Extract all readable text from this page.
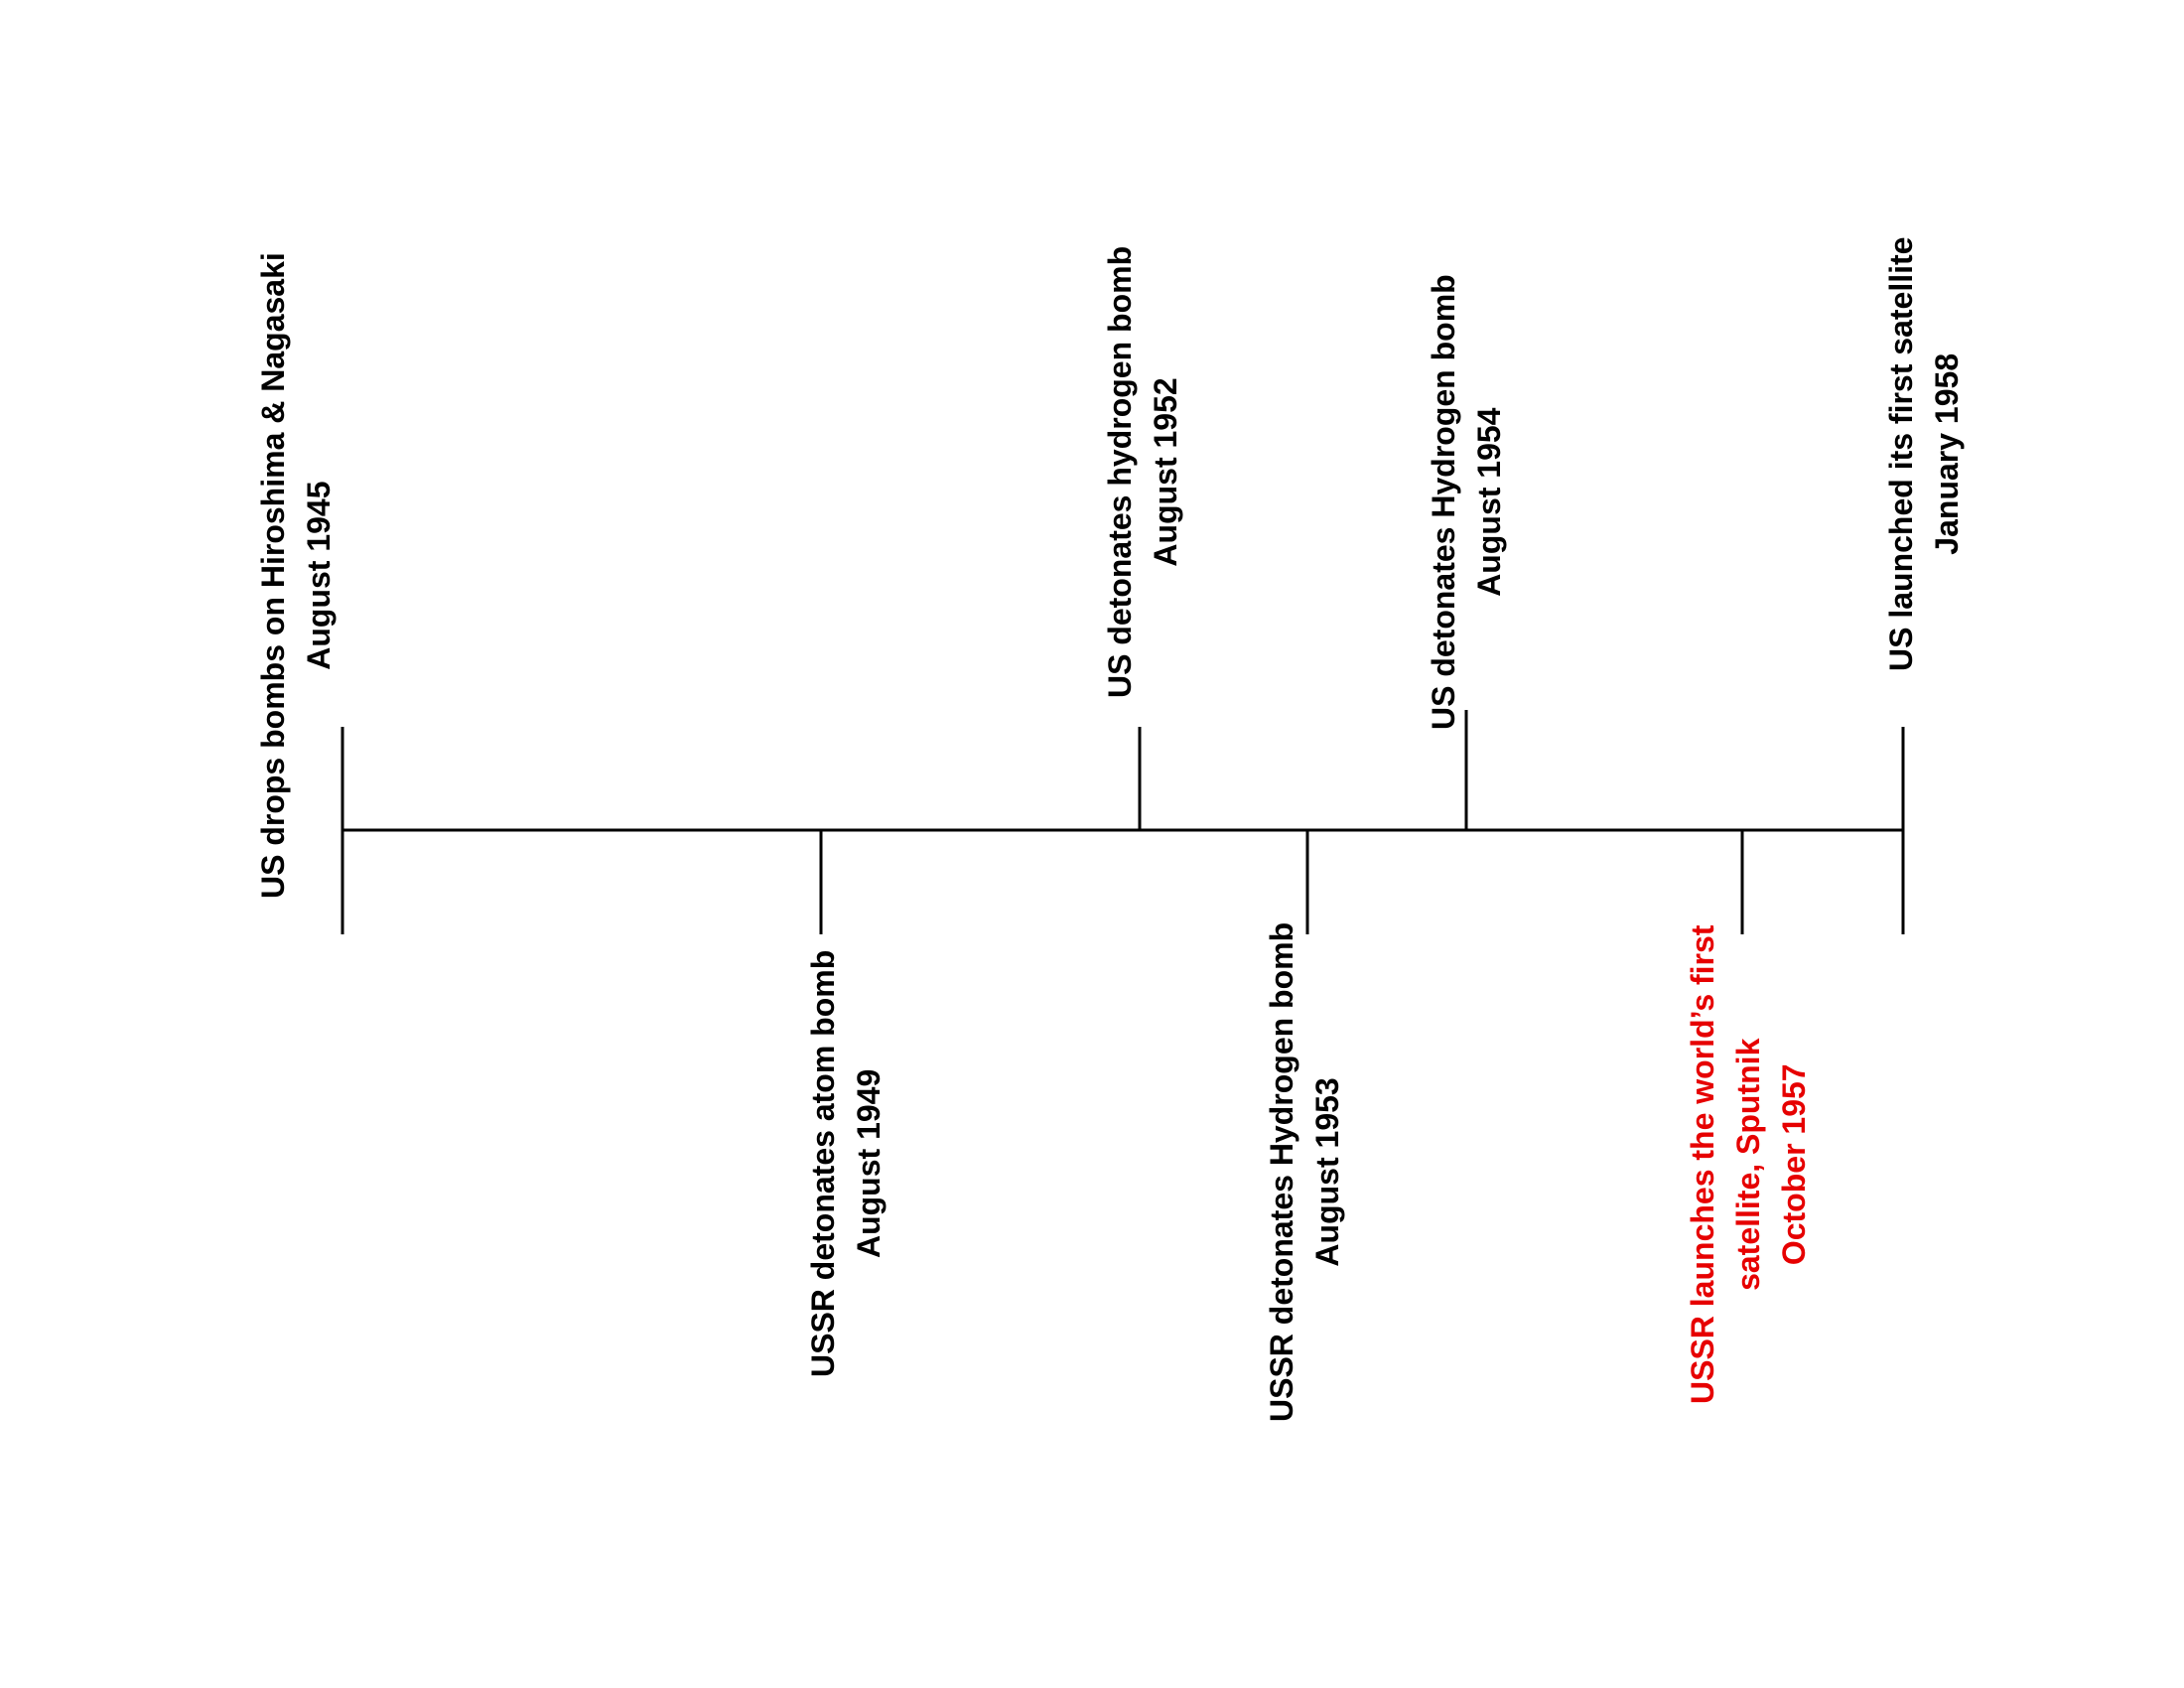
US drops bombs on Hiroshima & Nagasaki August 1945
USSR detonates atom bomb August 1949
US detonates hydrogen bomb August 1952
USSR detonates Hydrogen bomb August 1953
US detonates Hydrogen bomb August 1954
USSR launches the world’s first satellite, Sputnik October 1957
US launched its first satellite January 1958
